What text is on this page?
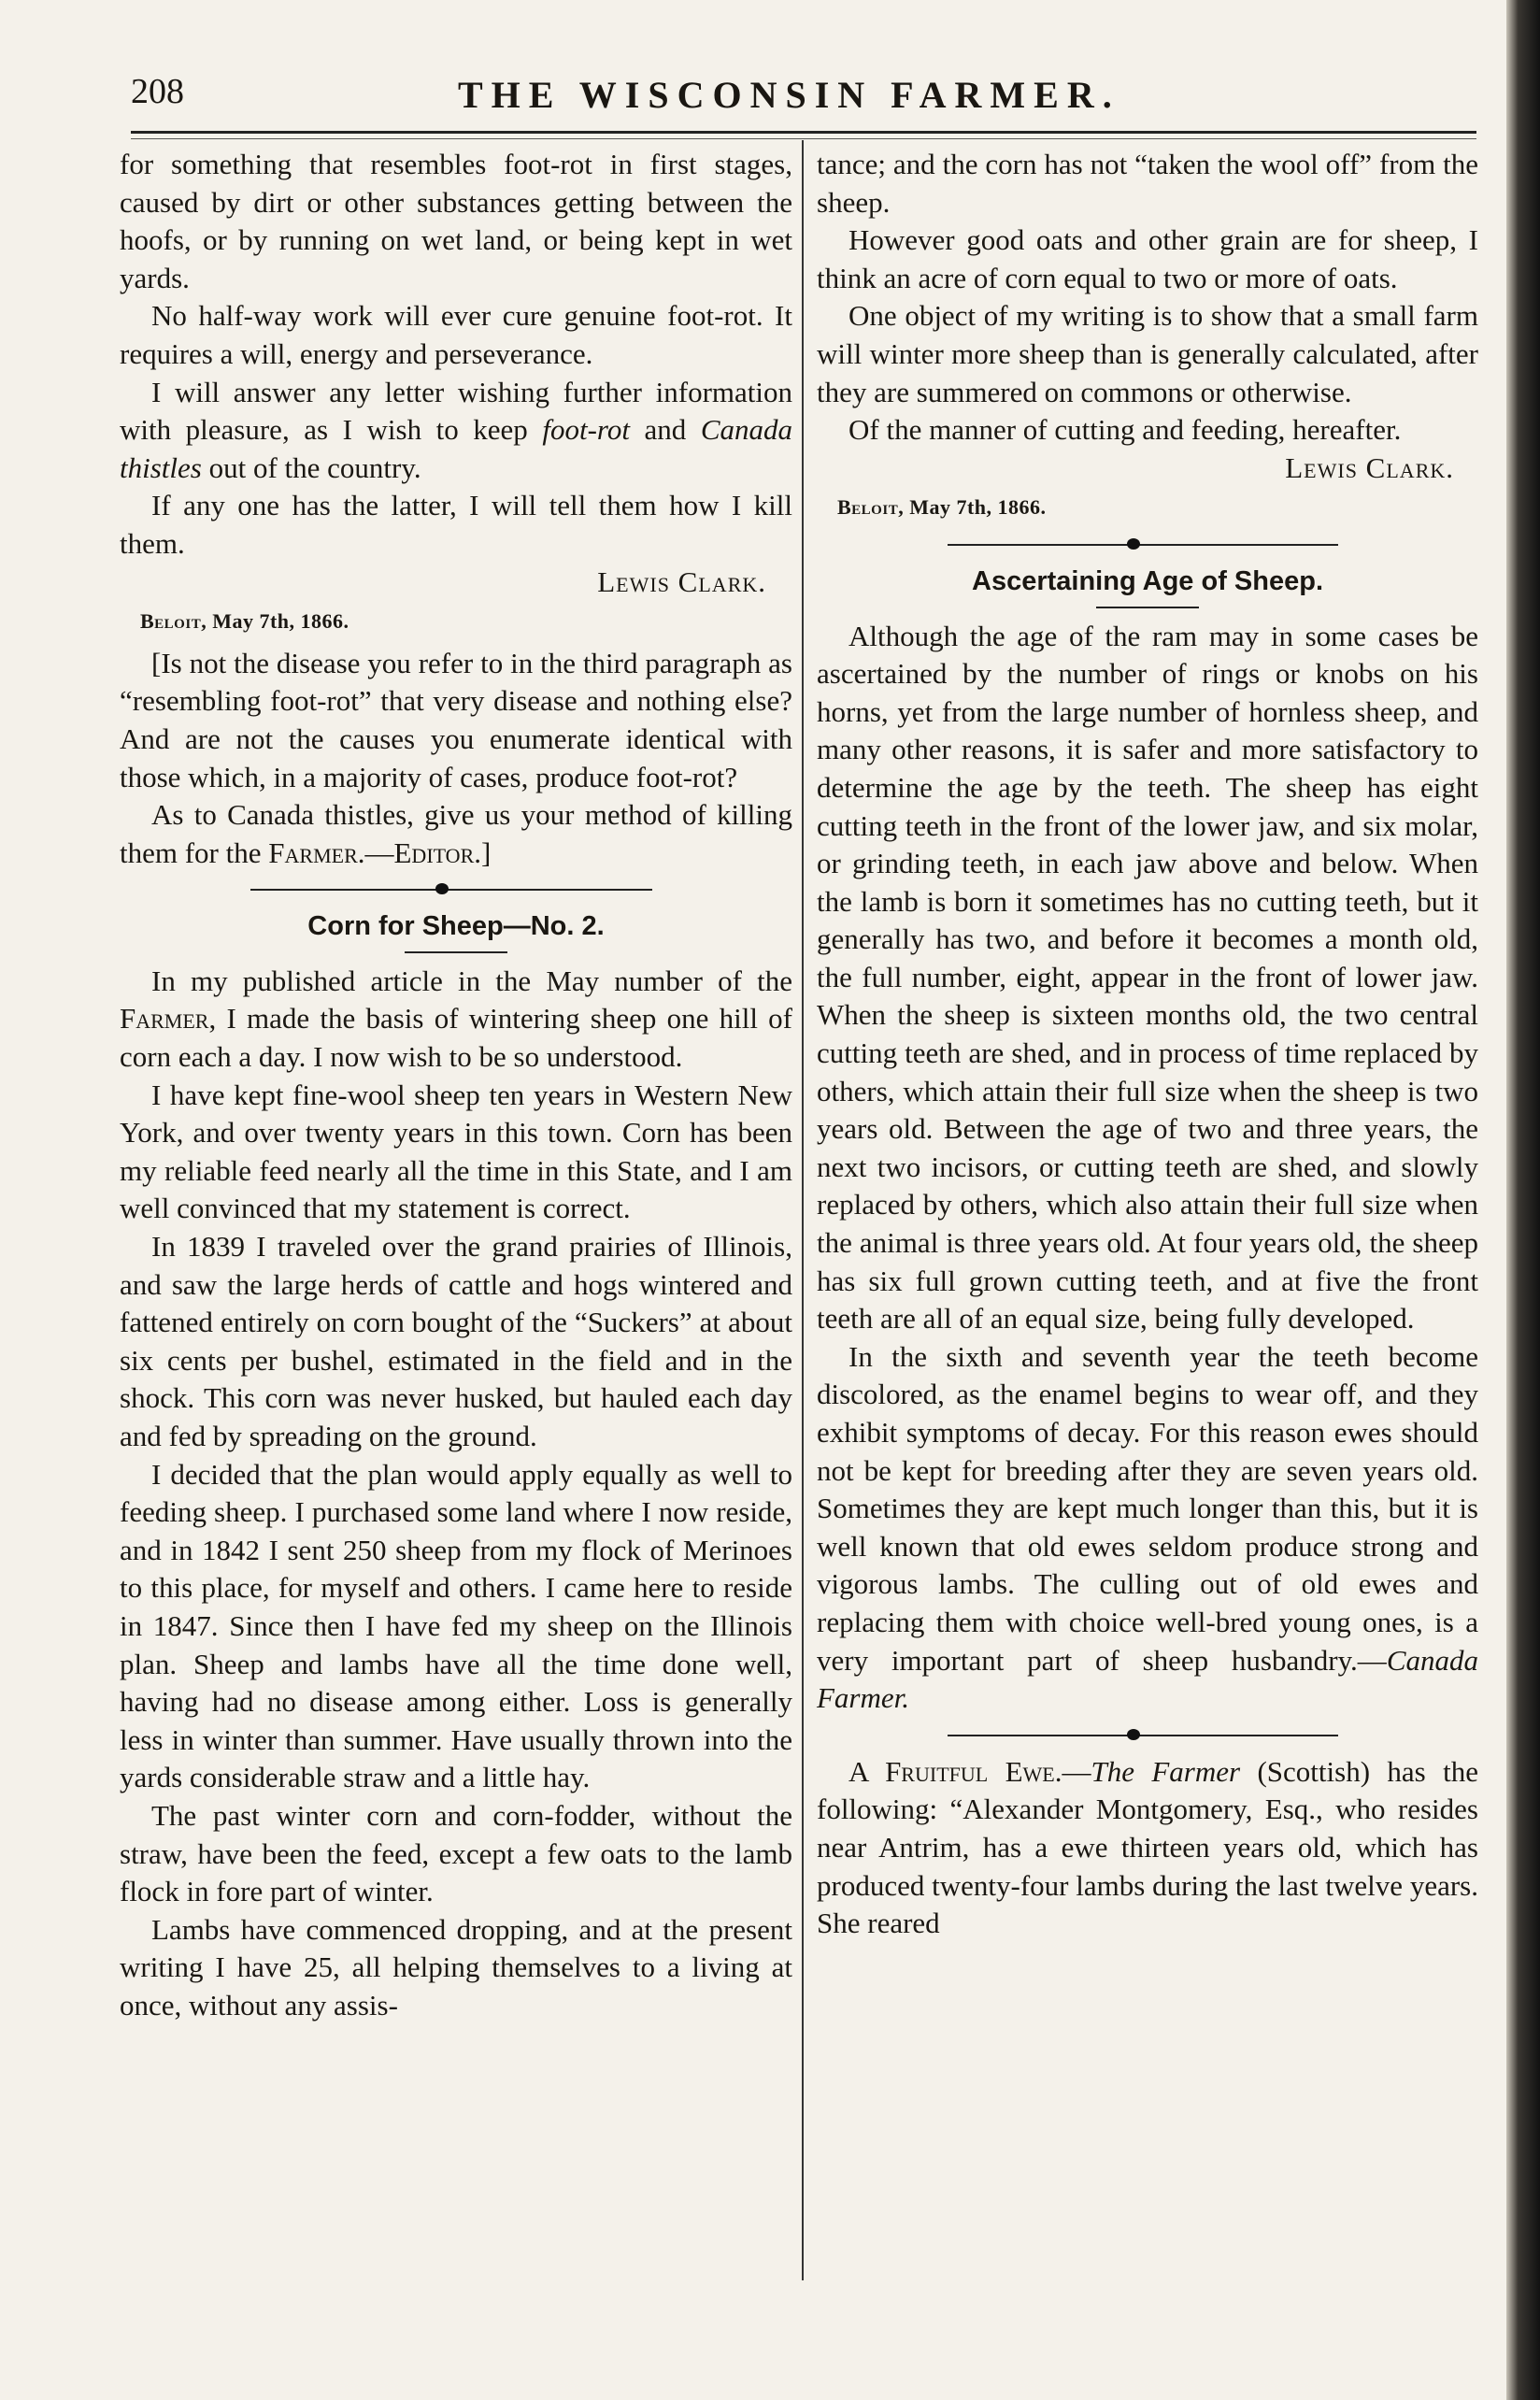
208	THE WISCONSIN FARMER.

for something that resembles foot-rot in first stages, caused by dirt or other substances getting between the hoofs, or by running on wet land, or being kept in wet yards.

No half-way work will ever cure genuine foot-rot. It requires a will, energy and perseverance.

I will answer any letter wishing further information with pleasure, as I wish to keep foot-rot and Canada thistles out of the country.

If any one has the latter, I will tell them how I kill them.

Lewis Clark.

Beloit, May 7th, 1866.

[Is not the disease you refer to in the third paragraph as “resembling foot-rot” that very disease and nothing else? And are not the causes you enumerate identical with those which, in a majority of cases, produce foot-rot?

As to Canada thistles, give us your method of killing them for the Farmer.—Editor.]

Corn for Sheep—No. 2.

In my published article in the May number of the Farmer, I made the basis of wintering sheep one hill of corn each a day. I now wish to be so understood.

I have kept fine-wool sheep ten years in Western New York, and over twenty years in this town. Corn has been my reliable feed nearly all the time in this State, and I am well convinced that my statement is correct.

In 1839 I traveled over the grand prairies of Illinois, and saw the large herds of cattle and hogs wintered and fattened entirely on corn bought of the “Suckers” at about six cents per bushel, estimated in the field and in the shock. This corn was never husked, but hauled each day and fed by spreading on the ground.

I decided that the plan would apply equally as well to feeding sheep. I purchased some land where I now reside, and in 1842 I sent 250 sheep from my flock of Merinoes to this place, for myself and others. I came here to reside in 1847. Since then I have fed my sheep on the Illinois plan. Sheep and lambs have all the time done well, having had no disease among either. Loss is generally less in winter than summer. Have usually thrown into the yards considerable straw and a little hay.

The past winter corn and corn-fodder, without the straw, have been the feed, except a few oats to the lamb flock in fore part of winter.

Lambs have commenced dropping, and at the present writing I have 25, all helping themselves to a living at once, without any assis-

tance; and the corn has not “taken the wool off” from the sheep.

However good oats and other grain are for sheep, I think an acre of corn equal to two or more of oats.

One object of my writing is to show that a small farm will winter more sheep than is generally calculated, after they are summered on commons or otherwise.

Of the manner of cutting and feeding, hereafter.

Lewis Clark.

Beloit, May 7th, 1866.

Ascertaining Age of Sheep.

Although the age of the ram may in some cases be ascertained by the number of rings or knobs on his horns, yet from the large number of hornless sheep, and many other reasons, it is safer and more satisfactory to determine the age by the teeth. The sheep has eight cutting teeth in the front of the lower jaw, and six molar, or grinding teeth, in each jaw above and below. When the lamb is born it sometimes has no cutting teeth, but it generally has two, and before it becomes a month old, the full number, eight, appear in the front of lower jaw. When the sheep is sixteen months old, the two central cutting teeth are shed, and in process of time replaced by others, which attain their full size when the sheep is two years old. Between the age of two and three years, the next two incisors, or cutting teeth are shed, and slowly replaced by others, which also attain their full size when the animal is three years old. At four years old, the sheep has six full grown cutting teeth, and at five the front teeth are all of an equal size, being fully developed.

In the sixth and seventh year the teeth become discolored, as the enamel begins to wear off, and they exhibit symptoms of decay. For this reason ewes should not be kept for breeding after they are seven years old. Sometimes they are kept much longer than this, but it is well known that old ewes seldom produce strong and vigorous lambs. The culling out of old ewes and replacing them with choice well-bred young ones, is a very important part of sheep husbandry.—Canada Farmer.

A Fruitful Ewe.—The Farmer (Scottish) has the following: “Alexander Montgomery, Esq., who resides near Antrim, has a ewe thirteen years old, which has produced twenty-four lambs during the last twelve years. She reared
